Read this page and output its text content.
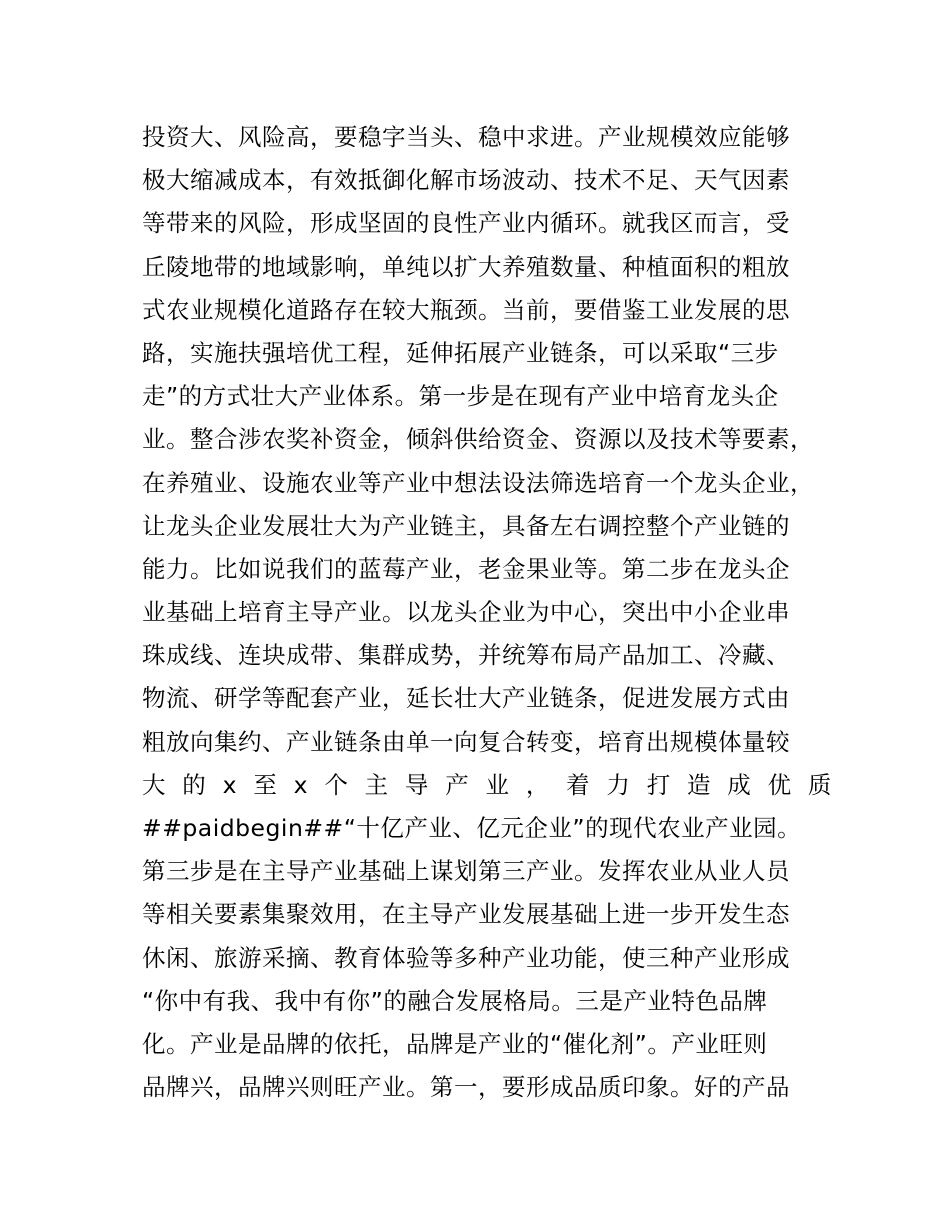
投资大、风险高，要稳字当头、稳中求进。产业规模效应能够
极大缩减成本，有效抵御化解市场波动、技术不足、天气因素
等带来的风险，形成坚固的良性产业内循环。就我区而言，受
丘陵地带的地域影响，单纯以扩大养殖数量、种植面积的粗放
式农业规模化道路存在较大瓶颈。当前，要借鉴工业发展的思
路，实施扶强培优工程，延伸拓展产业链条，可以采取“三步
走”的方式壮大产业体系。第一步是在现有产业中培育龙头企
业。整合涉农奖补资金，倾斜供给资金、资源以及技术等要素，
在养殖业、设施农业等产业中想法设法筛选培育一个龙头企业，
让龙头企业发展壮大为产业链主，具备左右调控整个产业链的
能力。比如说我们的蓝莓产业，老金果业等。第二步在龙头企
业基础上培育主导产业。以龙头企业为中心，突出中小企业串
珠成线、连块成带、集群成势，并统筹布局产品加工、冷藏、
物流、研学等配套产业，延长壮大产业链条，促进发展方式由
粗放向集约、产业链条由单一向复合转变，培育出规模体量较
大 的 x 至 x 个 主 导 产 业 ， 着 力 打 造 成 优 质
##paidbegin##“十亿产业、亿元企业”的现代农业产业园。
第三步是在主导产业基础上谋划第三产业。发挥农业从业人员
等相关要素集聚效用，在主导产业发展基础上进一步开发生态
休闲、旅游采摘、教育体验等多种产业功能，使三种产业形成
“你中有我、我中有你”的融合发展格局。三是产业特色品牌
化。产业是品牌的依托，品牌是产业的“催化剂”。产业旺则
品牌兴，品牌兴则旺产业。第一，要形成品质印象。好的产品
